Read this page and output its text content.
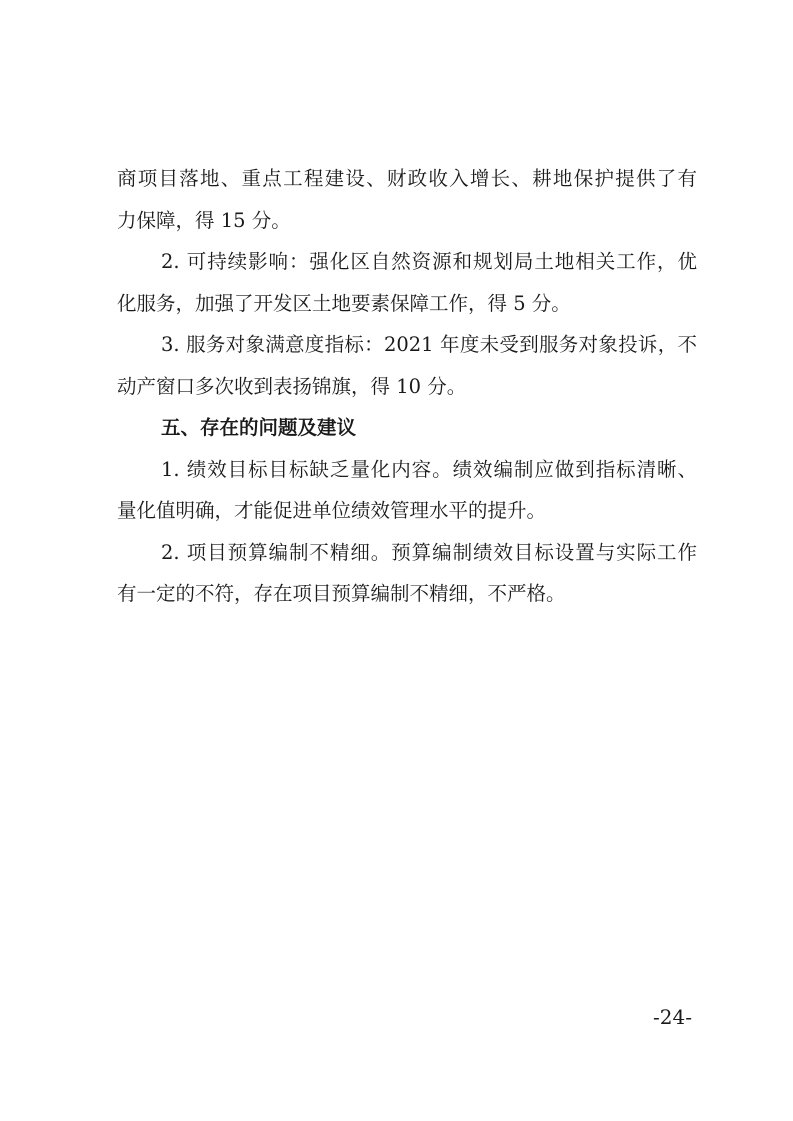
商项目落地、重点工程建设、财政收入增长、耕地保护提供了有
力保障，得 15 分。
2. 可持续影响：强化区自然资源和规划局土地相关工作，优
化服务，加强了开发区土地要素保障工作，得 5 分。
3. 服务对象满意度指标：2021 年度未受到服务对象投诉，不
动产窗口多次收到表扬锦旗，得 10 分。
五、存在的问题及建议
1. 绩效目标目标缺乏量化内容。绩效编制应做到指标清晰、
量化值明确，才能促进单位绩效管理水平的提升。
2. 项目预算编制不精细。预算编制绩效目标设置与实际工作
有一定的不符，存在项目预算编制不精细，不严格。
-24-
